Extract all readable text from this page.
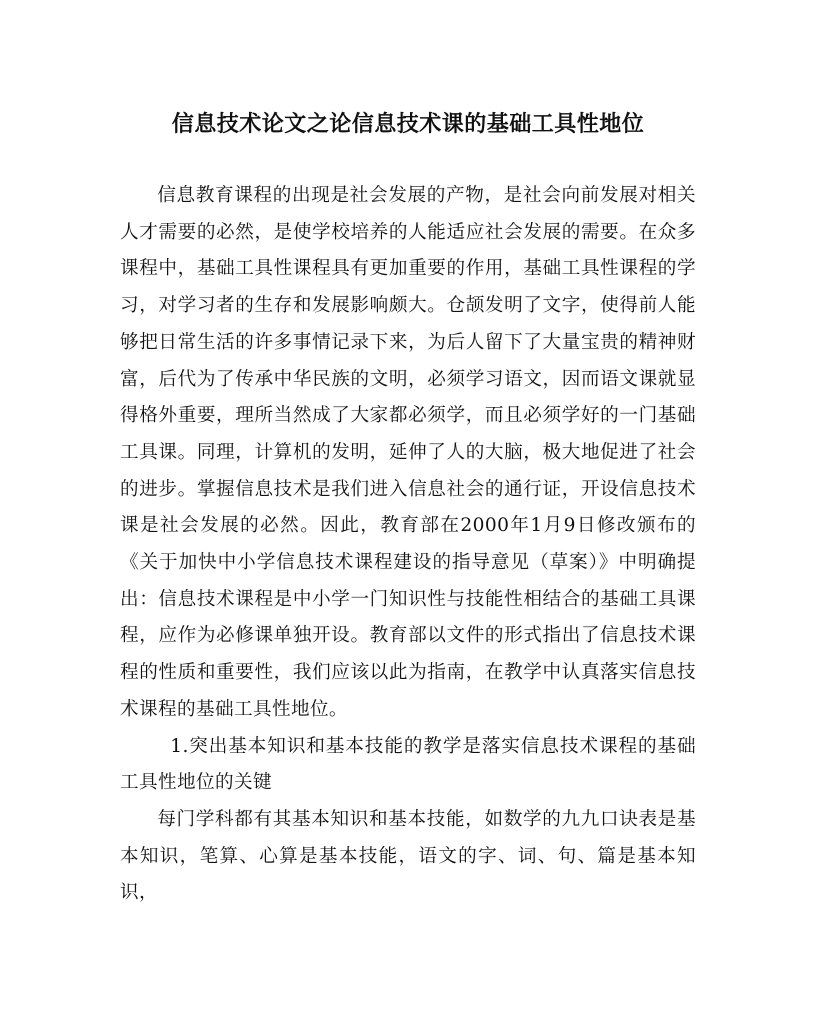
信息技术论文之论信息技术课的基础工具性地位

信息教育课程的出现是社会发展的产物，是社会向前发展对相关人才需要的必然，是使学校培养的人能适应社会发展的需要。在众多课程中，基础工具性课程具有更加重要的作用，基础工具性课程的学习，对学习者的生存和发展影响颇大。仓颉发明了文字，使得前人能够把日常生活的许多事情记录下来，为后人留下了大量宝贵的精神财富，后代为了传承中华民族的文明，必须学习语文，因而语文课就显得格外重要，理所当然成了大家都必须学，而且必须学好的一门基础工具课。同理，计算机的发明，延伸了人的大脑，极大地促进了社会的进步。掌握信息技术是我们进入信息社会的通行证，开设信息技术课是社会发展的必然。因此，教育部在2000年1月9日修改颁布的《关于加快中小学信息技术课程建设的指导意见（草案）》中明确提出：信息技术课程是中小学一门知识性与技能性相结合的基础工具课程，应作为必修课单独开设。教育部以文件的形式指出了信息技术课程的性质和重要性，我们应该以此为指南，在教学中认真落实信息技术课程的基础工具性地位。

1.突出基本知识和基本技能的教学是落实信息技术课程的基础工具性地位的关键

每门学科都有其基本知识和基本技能，如数学的九九口诀表是基本知识，笔算、心算是基本技能，语文的字、词、句、篇是基本知识，
